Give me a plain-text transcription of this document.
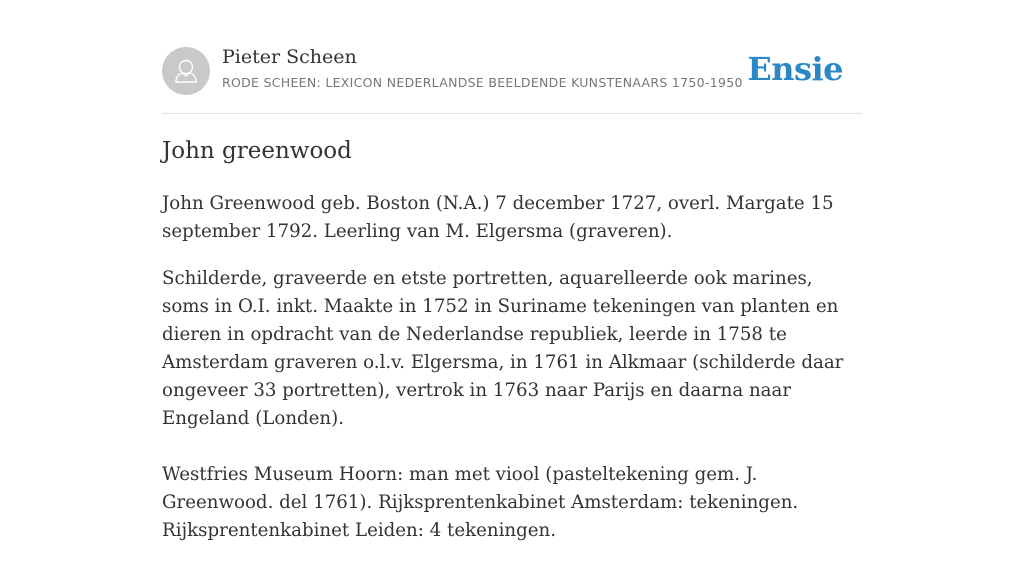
Pieter Scheen
RODE SCHEEN: LEXICON NEDERLANDSE BEELDENDE KUNSTENAARS 1750-1950 Ensie
John greenwood

John Greenwood geb. Boston (N.A.) 7 december 1727, overl. Margate 15 september 1792. Leerling van M. Elgersma (graveren).

Schilderde, graveerde en etste portretten, aquarelleerde ook marines, soms in O.I. inkt. Maakte in 1752 in Suriname tekeningen van planten en dieren in opdracht van de Nederlandse republiek, leerde in 1758 te Amsterdam graveren o.l.v. Elgersma, in 1761 in Alkmaar (schilderde daar ongeveer 33 portretten), vertrok in 1763 naar Parijs en daarna naar Engeland (Londen).

Westfries Museum Hoorn: man met viool (pasteltekening gem. J. Greenwood. del 1761). Rijksprentenkabinet Amsterdam: tekeningen. Rijksprentenkabinet Leiden: 4 tekeningen.
